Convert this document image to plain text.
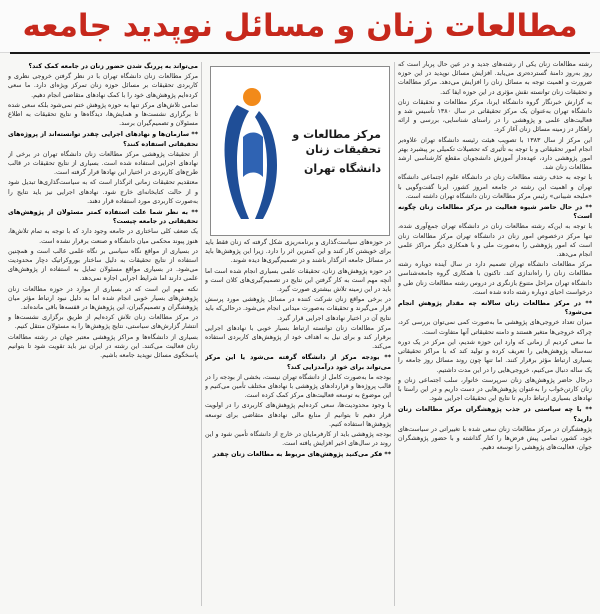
مطالعات زنان و مسائل نوپدید جامعه

رشته مطالعات زنان یکی از رشته‌های جدید و در عین حال پربار است که روز به‌روز دامنهٔ گسترده‌تری می‌یابد. افزایش مسائل نوپدید در این حوزه ضرورت و اهمیت توجه به مسائل زنان را افزایش می‌دهد. مرکز مطالعات و تحقیقات زنان توانسته نقش مؤثری در این حوزه ایفا کند.

به گزارش خبرنگار گروه دانشگاه ایرنا، مرکز مطالعات و تحقیقات زنان دانشگاه تهران به‌عنوان یک مرکز تحقیقاتی در سال ۱۳۸۰ تأسیس شد و فعالیت‌های علمی و پژوهشی را در راستای شناسایی، بررسی و ارائه راهکار در زمینه مسائل زنان آغاز کرد.

این مرکز از سال ۱۳۸۳ با تصویب هیئت رئیسه دانشگاه تهران علاوه‌بر انجام امور تحقیقاتی و با توجه به تأثیری که تحصیلات تکمیلی بر پیشبرد بهتر امور پژوهشی دارد، عهده‌دار آموزش دانشجویان مقطع کارشناسی ارشد مطالعات زنان شد.

با توجه به حذف رشته مطالعات زنان در دانشگاه علوم اجتماعی دانشگاه تهران و اهمیت این رشته در جامعه امروز کشور، ایرنا گفت‌وگویی با «ملیحه شیبانی» رئیس مرکز مطالعات زنان دانشگاه تهران داشته است.

** در حال حاضر شیوه فعالیت در مرکز مطالعات زنان چگونه است؟

با توجه به این‌که رشته مطالعات زنان در دانشگاه تهران جمع‌آوری شده، تنها مرکز درخصوص امور زنان در دانشگاه تهران مرکز مطالعات زنان است که امور پژوهشی را به‌صورت ملی و با همکاری دیگر مراکز علمی انجام می‌دهد.

مرکز مطالعات دانشگاه تهران تصمیم دارد در سال آینده دوباره رشته مطالعات زنان را راه‌اندازی کند. تاکنون با همکاری گروه جامعه‌شناسی دانشگاه تهران مراحل متنوع بازنگری در دروس رشته مطالعات زنان طی و درخواست احیای دوباره رشته داده شده است.

** در مرکز مطالعات زنان سالانه چه مقدار پژوهش انجام می‌شود؟

میزان تعداد خروجی‌های پژوهشی ما به‌صورت کمی نمی‌توان بررسی کرد، چراکه خروجی‌ها متغیر هستند و دامنه تحقیقاتی آنها متفاوت است.

ما سعی کردیم از زمانی که وارد این حوزه شدیم، این مرکز در یک دوره سه‌ساله پژوهش‌هایی را تعریف کرده و تولید کند که با مراکز تحقیقاتی بسیاری ارتباط مؤثر برقرار کنند. اما تنها چون روند مسائل روز جامعه را یک ساله دنبال می‌کنیم، خروجی‌هایی را در این مدت داشتیم.

درحال حاضر پژوهش‌های زنان سرپرست خانوار، سلب اجتماعی زنان و زنان کارتن‌خواب را به‌عنوان پژوهش‌هایی در دست داریم و در این راستا با نهادهای بسیاری ارتباط داریم تا نتایج این تحقیقات اجرایی شود.

** با چه سیاستی در جذب پژوهشگران مرکز مطالعات زنان دارید؟

پژوهشگران در مرکز مطالعات زنان سعی شده با تغییراتی در سیاست‌های خود، کشور، تمامی پیش فرض‌ها را کنار گذاشته و با حضور پژوهشگران جوان، فعالیت‌های پژوهشی را توسعه دهیم.

در حوزه‌های سیاست‌گذاری و برنامه‌ریزی شکل گرفته که زنان فقط باید برای خویشتن کار کنند و این کمترین اثر را دارد. زیرا این پژوهش‌ها باید در مسائل جامعه اثرگذار باشند و در تصمیم‌گیری‌ها دیده شوند.

در حوزه پژوهش‌های زنان، تحقیقات علمی بسیاری انجام شده است اما آنچه مهم است به کار گرفتن این نتایج در تصمیم‌گیری‌های کلان است و باید در این زمینه تلاش بیشتری صورت گیرد.

در برخی مواقع زنان شرکت کننده در مسائل پژوهشی مورد پرسش قرار می‌گیرند و تحقیقات به‌صورت میدانی انجام می‌شود. درحالی‌که باید نتایج آن در اختیار نهادهای اجرایی قرار گیرد.

مرکز مطالعات زنان توانسته ارتباط بسیار خوبی با نهادهای اجرایی برقرار کند و برای نیل به اهداف خود از پژوهش‌های کاربردی استفاده می‌کند.

** بودجه مرکز از دانشگاه گرفته می‌شود یا این مرکز می‌تواند برای خود درآمدزایی کند؟

بودجه ما به‌صورت کامل از دانشگاه تهران نیست، بخشی از بودجه را در قالب پروژه‌ها و قراردادهای پژوهشی با نهادهای مختلف تأمین می‌کنیم و این موضوع به توسعه فعالیت‌های مرکز کمک کرده است.

با وجود محدودیت‌ها، سعی کرده‌ایم پژوهش‌های کاربردی را در اولویت قرار دهیم تا بتوانیم از منابع مالی نهادهای متقاضی برای توسعه پژوهش‌ها استفاده کنیم.

بودجه پژوهشی باید از کارفرمایان در خارج از دانشگاه تأمین شود و این روند در سال‌های اخیر افزایش یافته است.

** فکر می‌کنید پژوهش‌های مربوط به مطالعات زنان چقدر

می‌تواند به پررنگ شدن حضور زنان در جامعه کمک کند؟

مرکز مطالعات زنان دانشگاه تهران با در نظر گرفتن خروجی نظری و کاربردی تحقیقات بر مسائل حوزه زنان تمرکز ویژه‌ای دارد. ما سعی کرده‌ایم پژوهش‌های خود را با کمک نهادهای متقاضی انجام دهیم.

تمامی تلاش‌های مرکز تنها به حوزه پژوهش ختم نمی‌شود بلکه سعی شده تا برگزاری نشست‌ها و همایش‌ها، دیدگاه‌ها و نتایج تحقیقات به اطلاع مسئولان و تصمیم‌گیران برسد.

** سازمان‌ها و نهادهای اجرایی چقدر توانسته‌اند از پروژه‌های تحقیقاتی استفاده کنند؟

از تحقیقات پژوهشی مرکز مطالعات زنان دانشگاه تهران در برخی از نهادهای اجرایی استفاده شده است. بسیاری از نتایج تحقیقات در قالب طرح‌های کاربردی در اختیار این نهادها قرار گرفته است.

معتقدیم تحقیقات زمانی اثرگذار است که به سیاست‌گذاری‌ها تبدیل شود و از حالت کتابخانه‌ای خارج شود. نهادهای اجرایی نیز باید نتایج را به‌صورت کاربردی مورد استفاده قرار دهند.

** به نظر شما علت استفاده کمتر مسئولان از پژوهش‌های تحقیقاتی در جامعه چیست؟

یک ضعف کلی ساختاری در جامعه وجود دارد که با توجه به تمام تلاش‌ها، هنوز پیوند محکمی میان دانشگاه و صنعت برقرار نشده است.

در بسیاری از مواقع نگاه سیاسی بر نگاه علمی غالب است و همچنین استفاده از نتایج تحقیقات به دلیل ساختار بوروکراتیک دچار محدودیت می‌شود. در بسیاری مواقع مسئولان تمایل به استفاده از پژوهش‌های علمی دارند اما شرایط اجرایی اجازه نمی‌دهد.

نکته مهم این است که در بسیاری از موارد در حوزه مطالعات زنان پژوهش‌های بسیار خوبی انجام شده اما به دلیل نبود ارتباط مؤثر میان پژوهشگران و تصمیم‌گیران، این پژوهش‌ها در قفسه‌ها باقی مانده‌اند.

در مرکز مطالعات زنان تلاش کرده‌ایم از طریق برگزاری نشست‌ها و انتشار گزارش‌های سیاستی، نتایج پژوهش‌ها را به مسئولان منتقل کنیم.

بسیاری از دانشگاه‌ها و مراکز پژوهشی معتبر جهان در رشته مطالعات زنان فعالیت می‌کنند. این رشته در ایران نیز باید تقویت شود تا بتوانیم پاسخگوی مسائل نوپدید جامعه باشیم.

مرکز مطالعات و تحقیقات زنان
دانشگاه تهران
